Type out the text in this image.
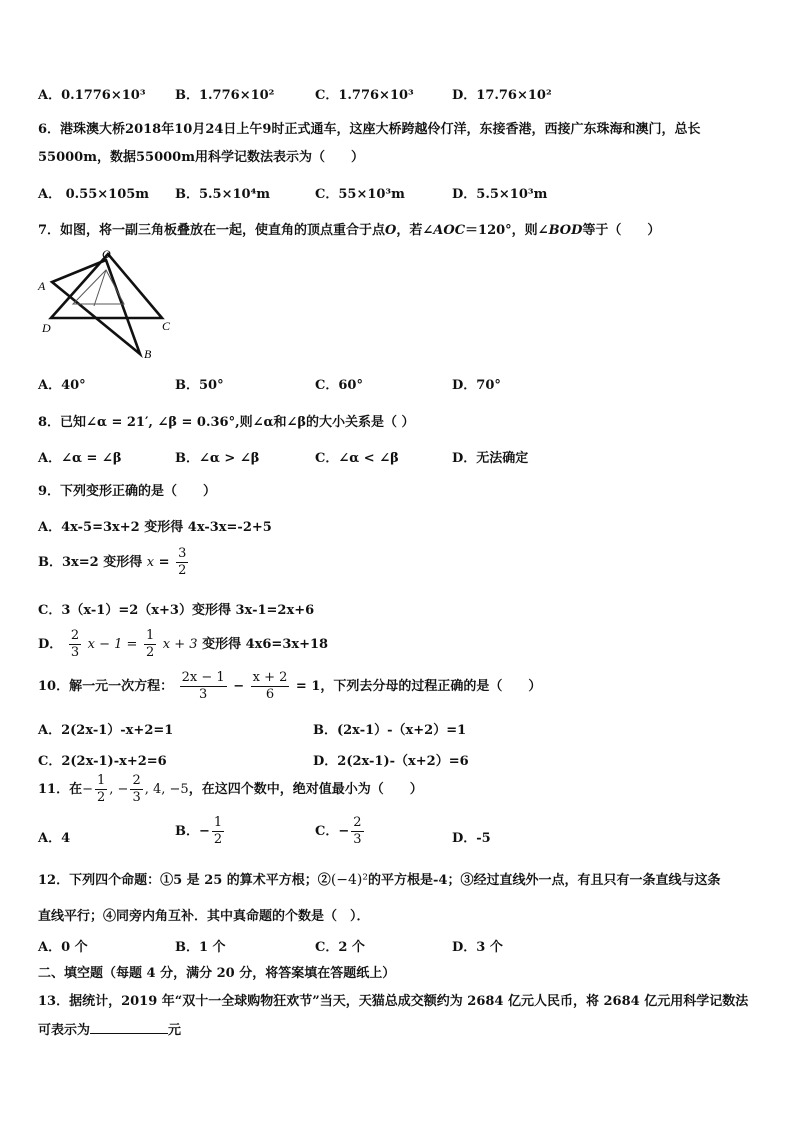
A．0.1776×10³ B．1.776×10²	C．1.776×10³	D．17.76×10²
6．港珠澳大桥2018年10月24日上午9时正式通车，这座大桥跨越伶仃洋，东接香港，西接广东珠海和澳门，总长
55000m，数据55000m用科学记数法表示为（　　）
A． 0.55×105m B．5.5×10⁴m	C．55×10³m	D．5.5×10³m
7．如图，将一副三角板叠放在一起，使直角的顶点重合于点O，若∠AOC＝120°，则∠BOD等于（　　）
O
A
D	C
B
A．40°	B．50°	C．60°	D．70°
8．已知∠α = 21′, ∠β = 0.36°,则∠α和∠β的大小关系是（ ）
A．∠α = ∠β	B．∠α > ∠β	C．∠α < ∠β	D．无法确定
9．下列变形正确的是（　　）
A．4x-5=3x+2 变形得 4x-3x=-2+5
B．3x=2 变形得 $x = \frac{3}{2}$
C．3（x-1）=2（x+3）变形得 3x-1=2x+6
D． $\frac{2}{3}$ $x - 1 = \frac{1}{2}$ x + 3 变形得 4x6=3x+18
10．解一元一次方程： $\frac{2x - 1}{3} - \frac{x + 2}{6} = 1$，下列去分母的过程正确的是（　　）
A．2(2x-1）-x+2=1	B．(2x-1）-（x+2）=1
C．2(2x-1)-x+2=6	D．2(2x-1)-（x+2）=6
11．在− $\frac{1}{2}$ , − $\frac{2}{3}$ , 4, −5，在这四个数中，绝对值最小为（　　）
A．4	B．− $\frac{1}{2}$	C．− $\frac{2}{3}$	D．-5
12．下列四个命题：①5 是 25 的算术平方根；②(−4)²的平方根是-4；③经过直线外一点，有且只有一条直线与这条
直线平行；④同旁内角互补．其中真命题的个数是（　）．
A．0 个	B．1 个	C．2 个	D．3 个
二、填空题（每题 4 分，满分 20 分，将答案填在答题纸上）
13．据统计，2019 年“双十一全球购物狂欢节”当天，天猫总成交额约为 2684 亿元人民币，将 2684 亿元用科学记数法
可表示为	元
